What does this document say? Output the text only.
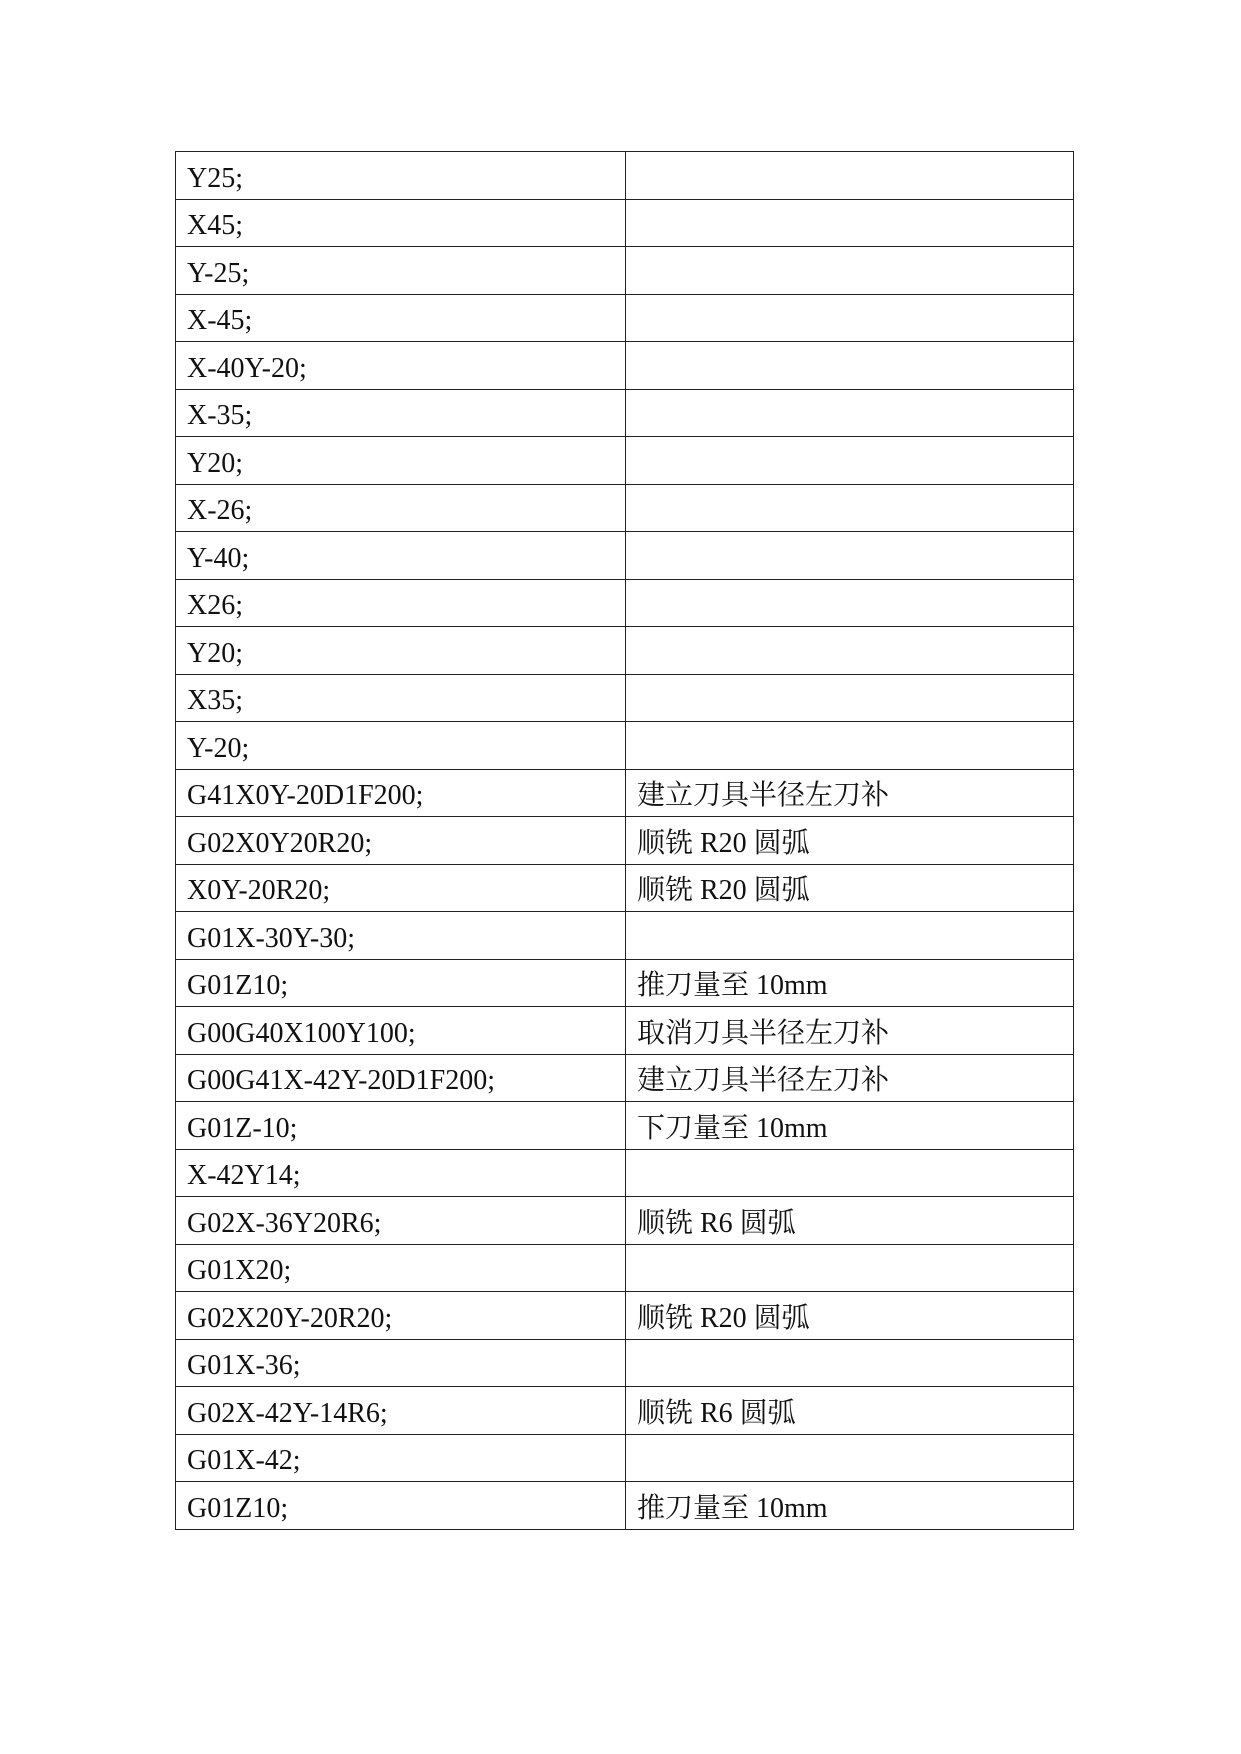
Y25;	
X45;	
Y-25;	
X-45;	
X-40Y-20;	
X-35;	
Y20;	
X-26;	
Y-40;	
X26;	
Y20;	
X35;	
Y-20;	
G41X0Y-20D1F200;	建立刀具半径左刀补
G02X0Y20R20;	顺铣 R20 圆弧
X0Y-20R20;	顺铣 R20 圆弧
G01X-30Y-30;	
G01Z10;	推刀量至 10mm
G00G40X100Y100;	取消刀具半径左刀补
G00G41X-42Y-20D1F200;	建立刀具半径左刀补
G01Z-10;	下刀量至 10mm
X-42Y14;	
G02X-36Y20R6;	顺铣 R6 圆弧
G01X20;	
G02X20Y-20R20;	顺铣 R20 圆弧
G01X-36;	
G02X-42Y-14R6;	顺铣 R6 圆弧
G01X-42;	
G01Z10;	推刀量至 10mm
